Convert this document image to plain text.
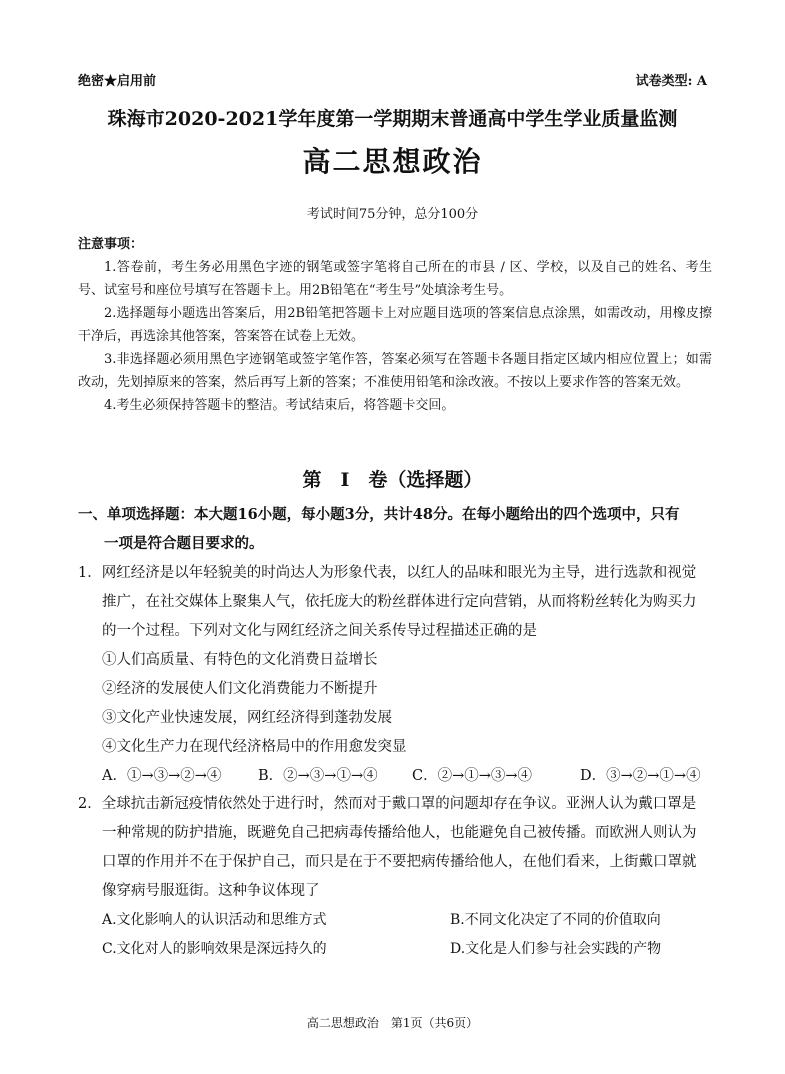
绝密★启用前	试卷类型: A
珠海市2020-2021学年度第一学期期末普通高中学生学业质量监测
高二思想政治
考试时间75分钟，总分100分
注意事项：

1.答卷前，考生务必用黑色字迹的钢笔或签字笔将自己所在的市县 / 区、学校，以及自己的姓名、考生号、试室号和座位号填写在答题卡上。用2B铅笔在“考生号”处填涂考生号。

2.选择题每小题选出答案后，用2B铅笔把答题卡上对应题目选项的答案信息点涂黑，如需改动，用橡皮擦干净后，再选涂其他答案，答案答在试卷上无效。

3.非选择题必须用黑色字迹钢笔或签字笔作答，答案必须写在答题卡各题目指定区域内相应位置上；如需改动，先划掉原来的答案，然后再写上新的答案；不准使用铅笔和涂改液。不按以上要求作答的答案无效。

4.考生必须保持答题卡的整洁。考试结束后，将答题卡交回。

第　Ⅰ　卷（选择题）
一、单项选择题：本大题16小题，每小题3分，共计48分。在每小题给出的四个选项中，只有
一项是符合题目要求的。
1．网红经济是以年轻貌美的时尚达人为形象代表，以红人的品味和眼光为主导，进行选款和视觉
推广，在社交媒体上聚集人气，依托庞大的粉丝群体进行定向营销，从而将粉丝转化为购买力
的一个过程。下列对文化与网红经济之间关系传导过程描述正确的是
①人们高质量、有特色的文化消费日益增长
②经济的发展使人们文化消费能力不断提升
③文化产业快速发展，网红经济得到蓬勃发展
④文化生产力在现代经济格局中的作用愈发突显
A．①→③→②→④	B．②→③→①→④ C．②→①→③→④	D．③→②→①→④
2．全球抗击新冠疫情依然处于进行时，然而对于戴口罩的问题却存在争议。亚洲人认为戴口罩是
一种常规的防护措施，既避免自己把病毒传播给他人，也能避免自己被传播。而欧洲人则认为
口罩的作用并不在于保护自己，而只是在于不要把病传播给他人，在他们看来，上街戴口罩就
像穿病号服逛街。这种争议体现了
A.文化影响人的认识活动和思维方式	B.不同文化决定了不同的价值取向
C.文化对人的影响效果是深远持久的	D.文化是人们参与社会实践的产物
高二思想政治　第1页（共6页）
